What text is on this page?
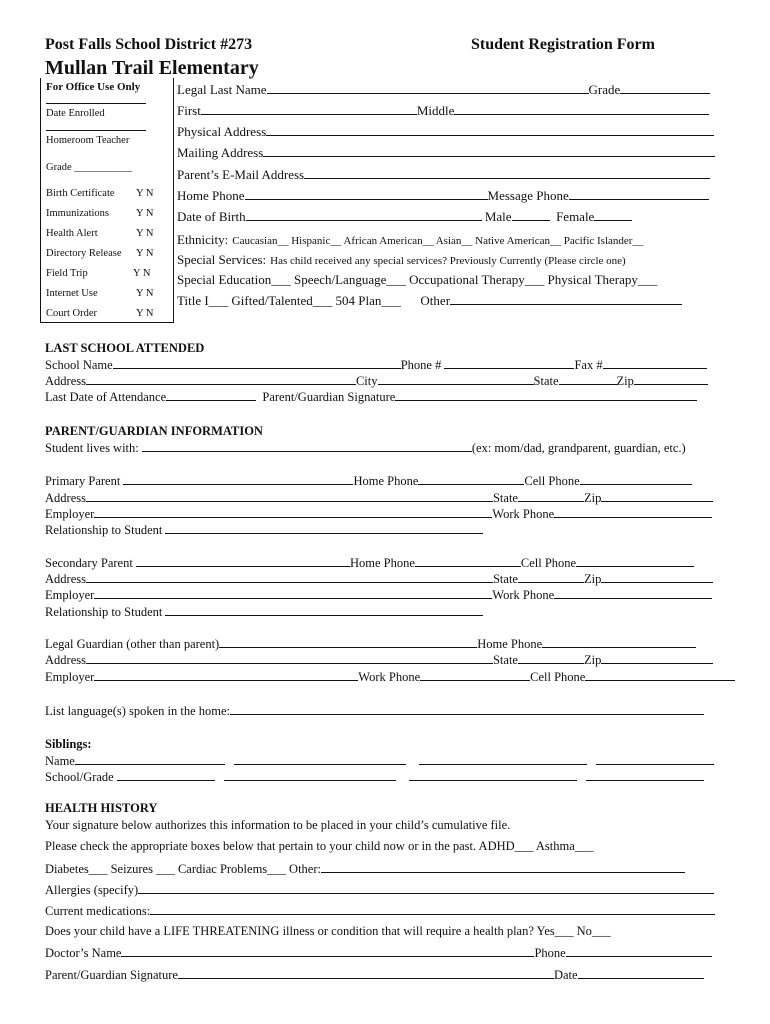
Post Falls School District #273	Student Registration Form
Mullan Trail Elementary
For Office Use Only
Date Enrolled
Homeroom Teacher
Grade ___________
Birth Certificate Y N
Immunizations	Y N
Health Alert	Y N
Directory Release Y N
Field Trip	Y N
Internet Use	Y N
Court Order	Y N
Legal Last Name	Grade
First	Middle
Physical Address
Mailing Address
Parent’s E-Mail Address
Home Phone	Message Phone
Date of Birth	Male	Female
Ethnicity: Caucasian__ Hispanic__ African American__ Asian__ Native American__ Pacific Islander__
Special Services: Has child received any special services? Previously Currently (Please circle one)
Special Education___ Speech/Language___ Occupational Therapy___ Physical Therapy___
Title I___ Gifted/Talented___ 504 Plan___ Other
LAST SCHOOL ATTENDED
School Name	Phone #	Fax #
Address	City	State	Zip
Last Date of Attendance	Parent/Guardian Signature
PARENT/GUARDIAN INFORMATION
Student lives with:	(ex: mom/dad, grandparent, guardian, etc.)
Primary Parent	Home Phone	Cell Phone
Address	State	Zip
Employer	Work Phone
Relationship to Student
Secondary Parent	Home Phone	Cell Phone
Address	State	Zip
Employer	Work Phone
Relationship to Student
Legal Guardian (other than parent)	Home Phone
Address	State	Zip
Employer	Work Phone	Cell Phone
List language(s) spoken in the home:
Siblings:
Name
School/Grade
HEALTH HISTORY
Your signature below authorizes this information to be placed in your child’s cumulative file.
Please check the appropriate boxes below that pertain to your child now or in the past. ADHD___ Asthma___
Diabetes___ Seizures ___ Cardiac Problems___ Other:
Allergies (specify)
Current medications:
Does your child have a LIFE THREATENING illness or condition that will require a health plan? Yes___ No___
Doctor’s Name	Phone
Parent/Guardian Signature	Date
